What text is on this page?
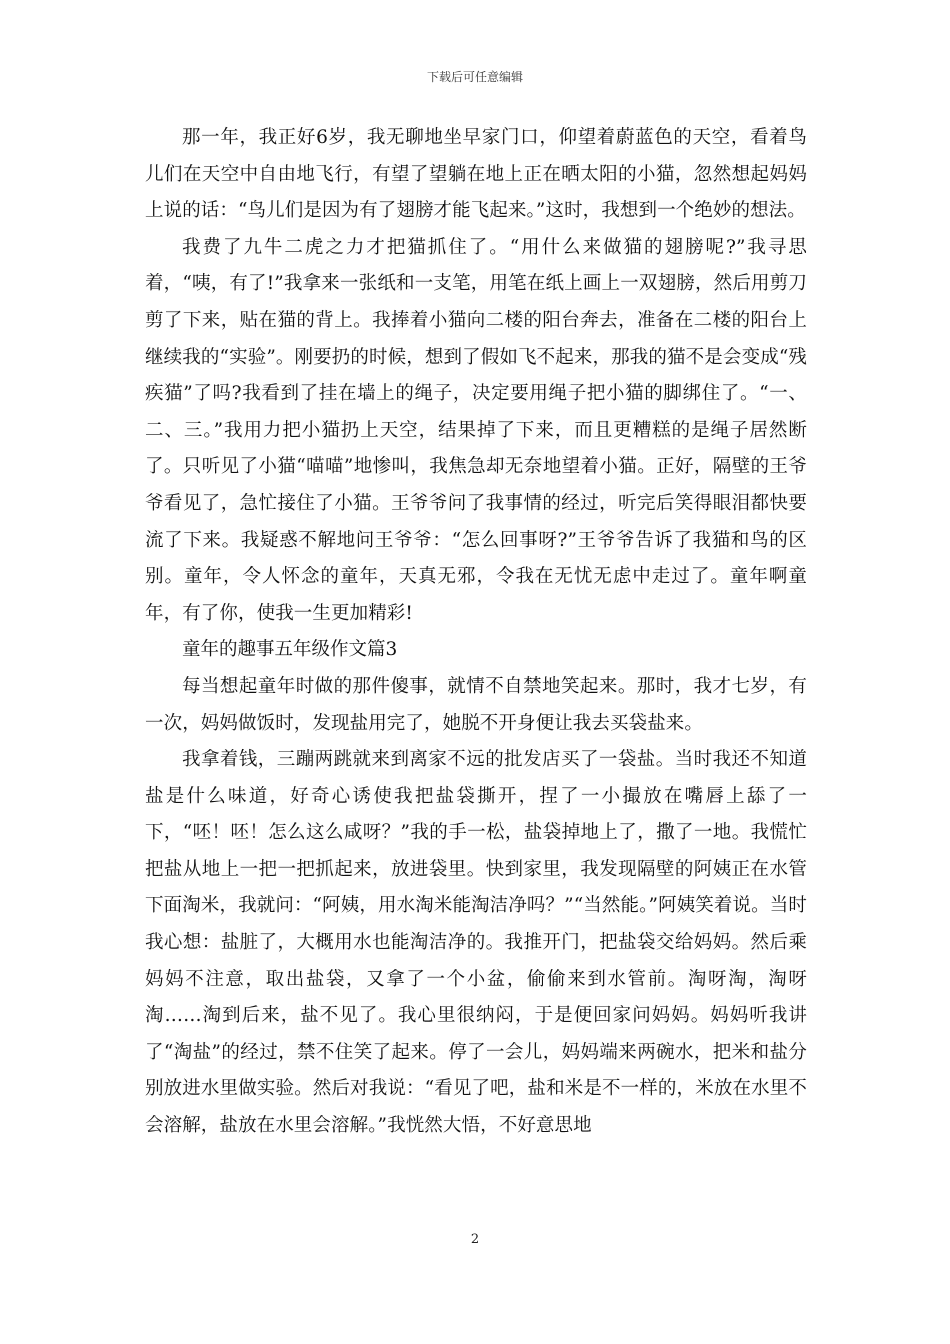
下载后可任意编辑

那一年，我正好6岁，我无聊地坐早家门口，仰望着蔚蓝色的天空，看着鸟儿们在天空中自由地飞行，有望了望躺在地上正在晒太阳的小猫，忽然想起妈妈上说的话：“鸟儿们是因为有了翅膀才能飞起来。”这时，我想到一个绝妙的想法。

我费了九牛二虎之力才把猫抓住了。“用什么来做猫的翅膀呢?”我寻思着，“咦，有了!”我拿来一张纸和一支笔，用笔在纸上画上一双翅膀，然后用剪刀剪了下来，贴在猫的背上。我捧着小猫向二楼的阳台奔去，准备在二楼的阳台上继续我的“实验”。刚要扔的时候，想到了假如飞不起来，那我的猫不是会变成“残疾猫”了吗?我看到了挂在墙上的绳子，决定要用绳子把小猫的脚绑住了。“一、二、三。”我用力把小猫扔上天空，结果掉了下来，而且更糟糕的是绳子居然断了。只听见了小猫“喵喵”地惨叫，我焦急却无奈地望着小猫。正好，隔壁的王爷爷看见了，急忙接住了小猫。王爷爷问了我事情的经过，听完后笑得眼泪都快要流了下来。我疑惑不解地问王爷爷：“怎么回事呀?”王爷爷告诉了我猫和鸟的区别。童年，令人怀念的童年，天真无邪，令我在无忧无虑中走过了。童年啊童年，有了你，使我一生更加精彩!

童年的趣事五年级作文篇3

每当想起童年时做的那件傻事，就情不自禁地笑起来。那时，我才七岁，有一次，妈妈做饭时，发现盐用完了，她脱不开身便让我去买袋盐来。

我拿着钱，三蹦两跳就来到离家不远的批发店买了一袋盐。当时我还不知道盐是什么味道，好奇心诱使我把盐袋撕开，捏了一小撮放在嘴唇上舔了一下，“呸！呸！怎么这么咸呀？”我的手一松，盐袋掉地上了，撒了一地。我慌忙把盐从地上一把一把抓起来，放进袋里。快到家里，我发现隔壁的阿姨正在水管下面淘米，我就问：“阿姨，用水淘米能淘洁净吗？”“当然能。”阿姨笑着说。当时我心想：盐脏了，大概用水也能淘洁净的。我推开门，把盐袋交给妈妈。然后乘妈妈不注意，取出盐袋，又拿了一个小盆，偷偷来到水管前。淘呀淘，淘呀淘……淘到后来，盐不见了。我心里很纳闷，于是便回家问妈妈。妈妈听我讲了“淘盐”的经过，禁不住笑了起来。停了一会儿，妈妈端来两碗水，把米和盐分别放进水里做实验。然后对我说：“看见了吧，盐和米是不一样的，米放在水里不会溶解，盐放在水里会溶解。”我恍然大悟，不好意思地

2
